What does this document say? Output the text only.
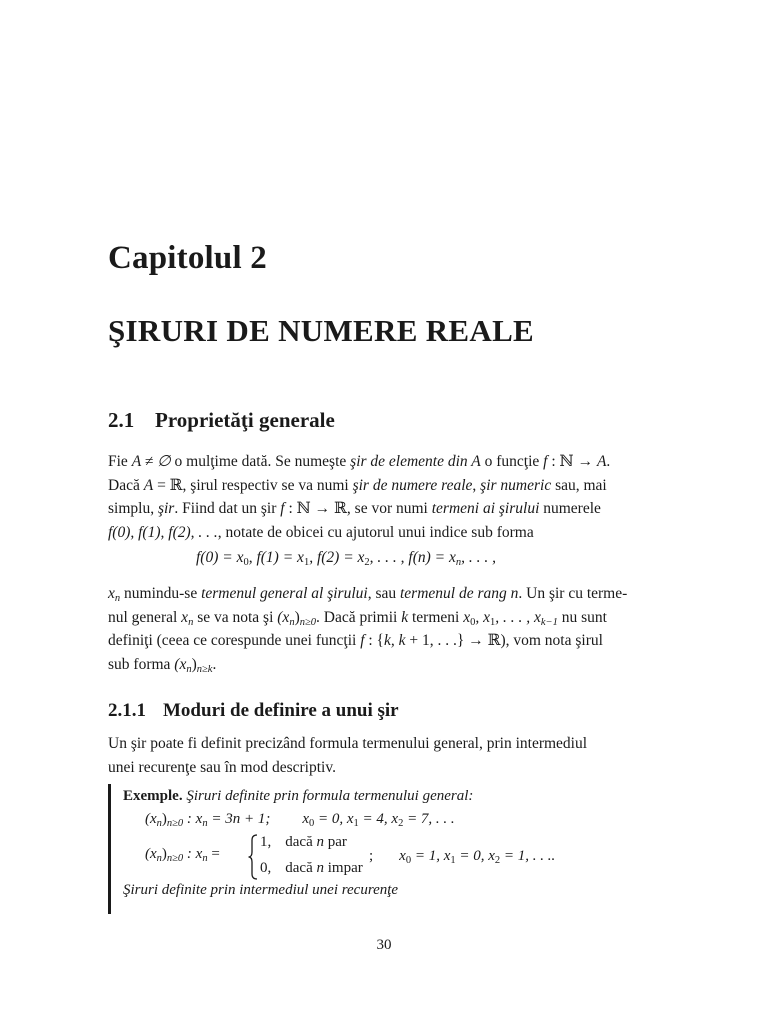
Capitolul 2
ŞIRURI DE NUMERE REALE
2.1 Proprietăţi generale
Fie A ≠ ∅ o mulţime dată. Se numeşte şir de elemente din A o funcţie f : ℕ → A.
Dacă A = ℝ, şirul respectiv se va numi şir de numere reale, şir numeric sau, mai
simplu, şir. Fiind dat un şir f : ℕ → ℝ, se vor numi termeni ai şirului numerele
f(0), f(1), f(2), . . ., notate de obicei cu ajutorul unui indice sub forma
$f(0) = x_0$, $f(1) = x_1$, $f(2) = x_2$, . . . , $f(n) = x_n$, . . . ,
$x_n$ numindu-se termenul general al şirului, sau termenul de rang n. Un şir cu terme-
nul general $x_n$ se va nota şi $(x_n)_{n\ge 0}$. Dacă primii k termeni $x_0$, $x_1$, . . . , $x_{k-1}$ nu sunt
definiţi (ceea ce corespunde unei funcţii f : {k, k + 1, . . .} → ℝ), vom nota şirul
sub forma $(x_n)_{n\ge k}$.
2.1.1 Moduri de definire a unui şir
Un şir poate fi definit precizând formula termenului general, prin intermediul
unei recurenţe sau în mod descriptiv.
Exemple. Şiruri definite prin formula termenului general:
$(x_n)_{n\ge 0}$ : $x_n = 3n + 1$; $x_0 = 0$, $x_1 = 4$, $x_2 = 7$, . . .
$(x_n)_{n\ge 0}$ : $x_n$ =
1, dacă n par
0, dacă n impar
; $x_0 = 1$, $x_1 = 0$, $x_2 = 1$, . . ..
Şiruri definite prin intermediul unei recurenţe
30
